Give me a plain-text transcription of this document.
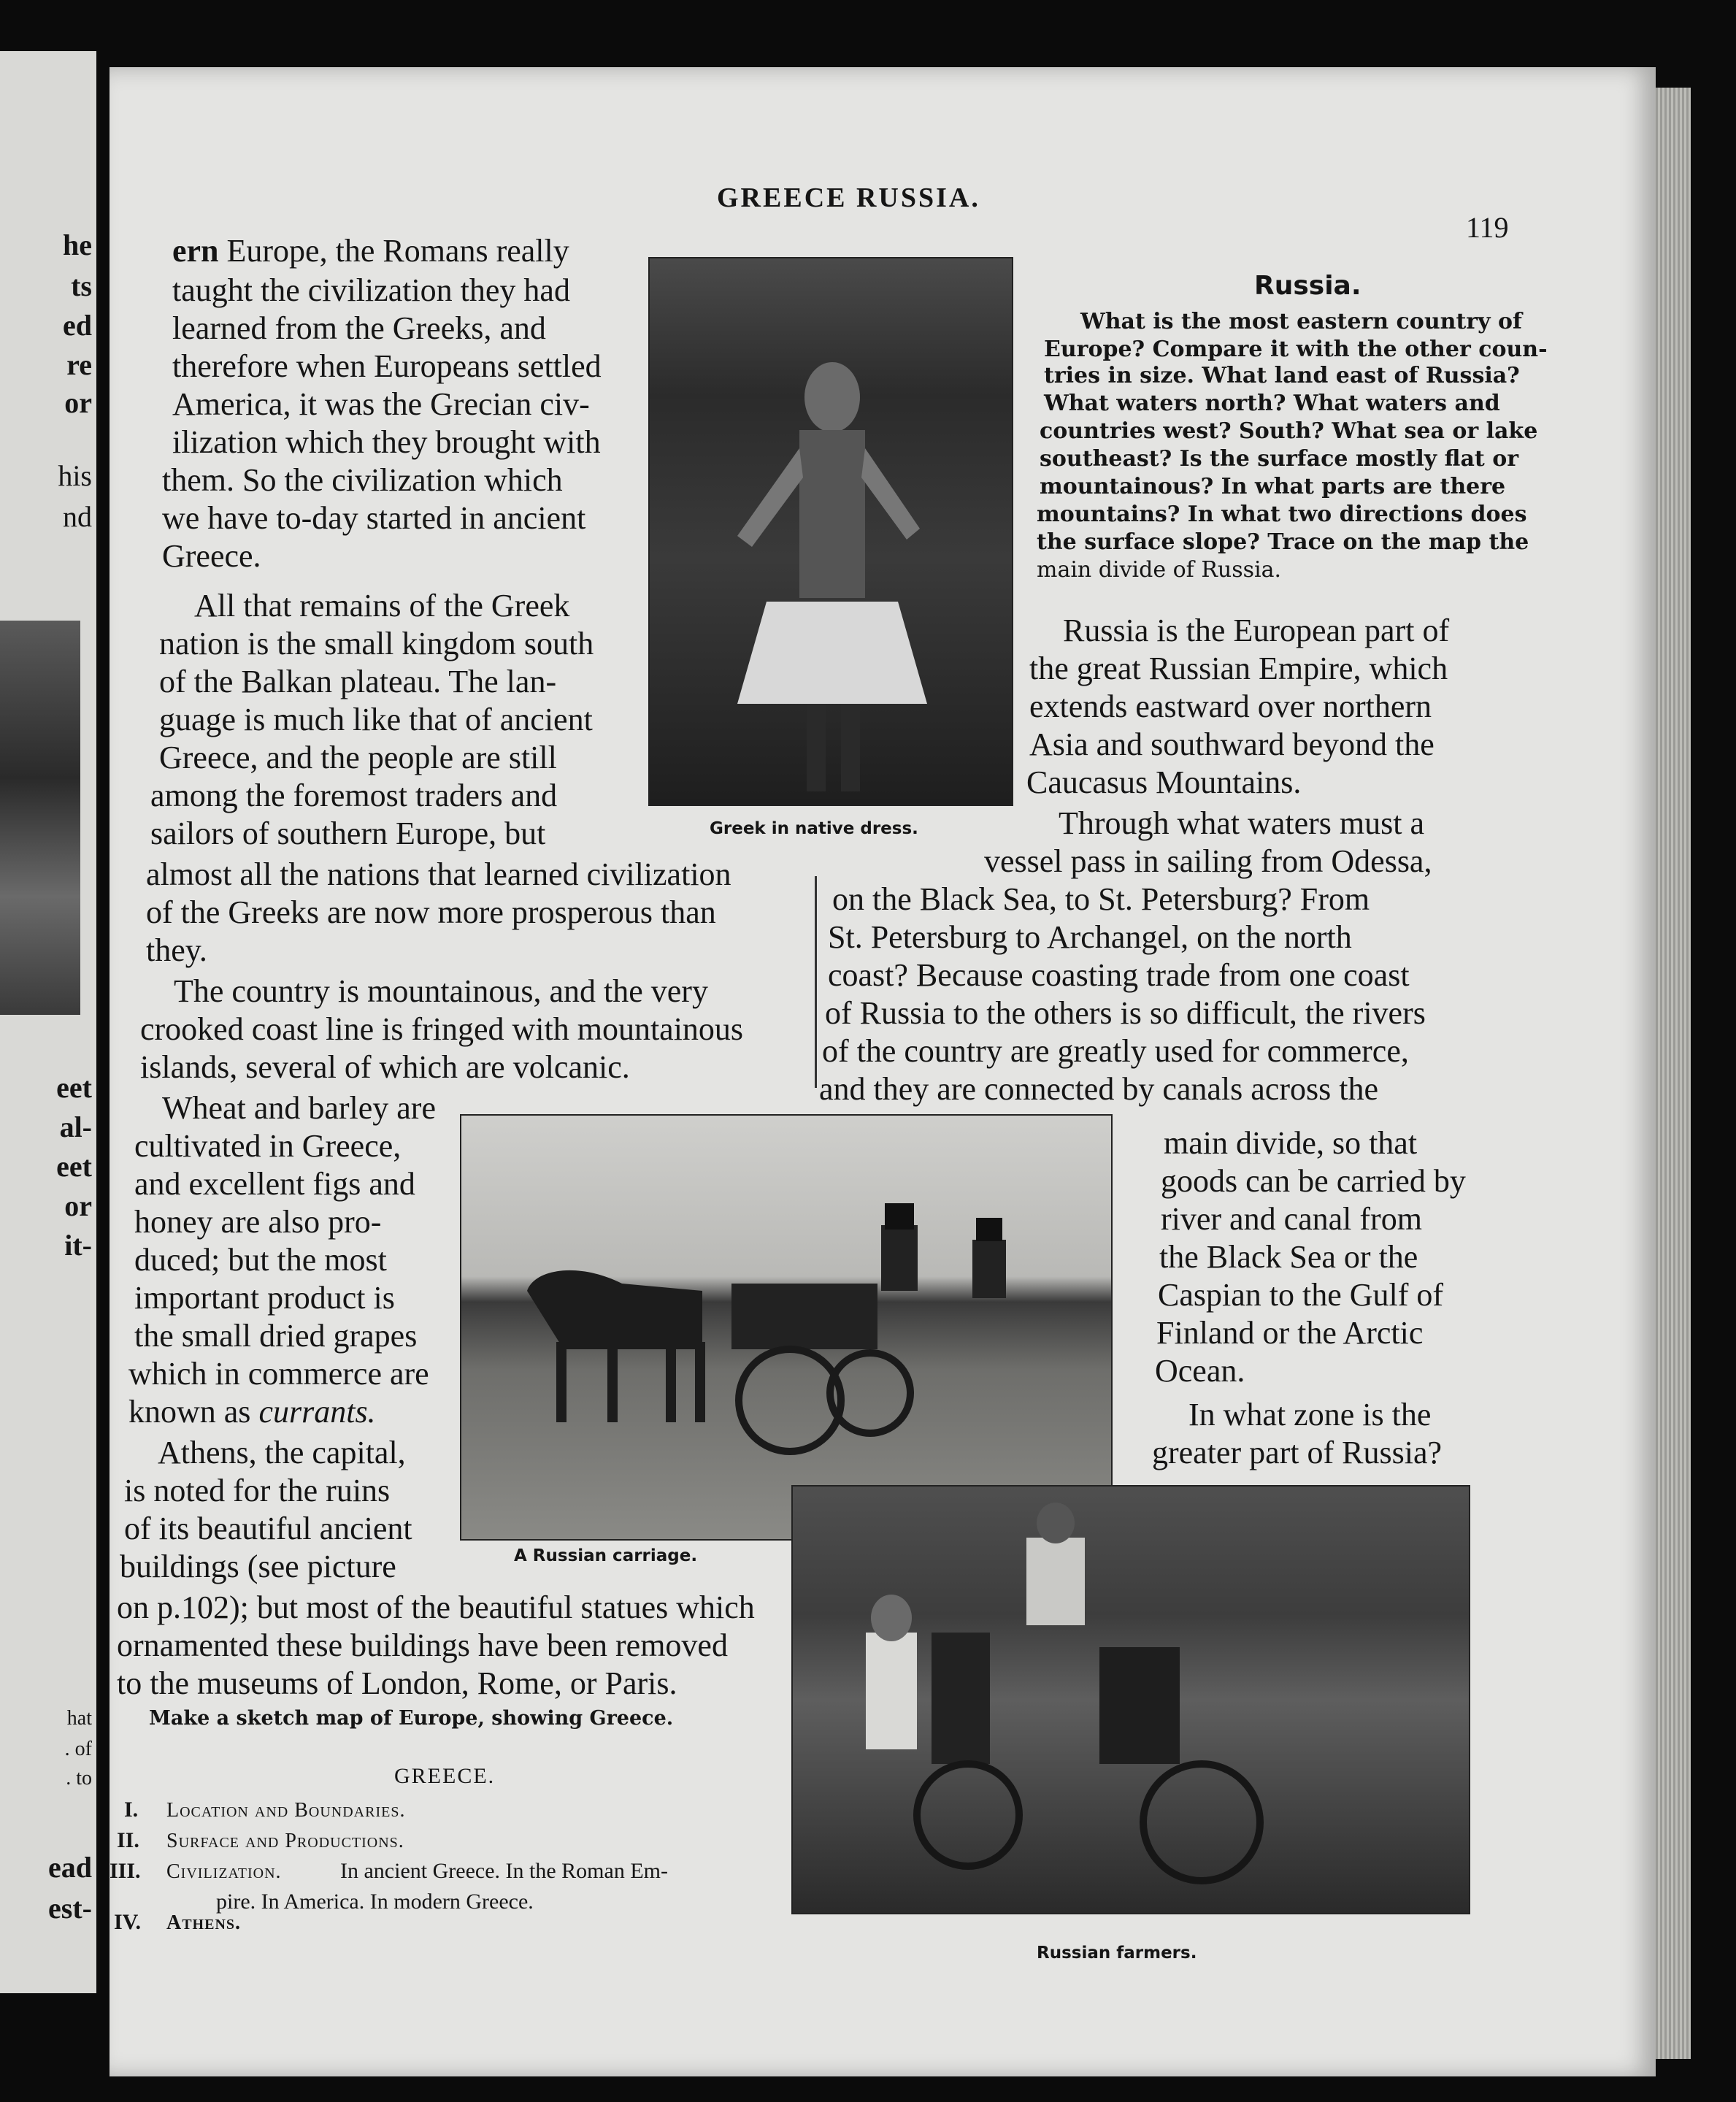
he
ts
ed
re
or
his
nd
eet
al-
eet
or
it-
hat
. of
. to
ead
est-
GREECE RUSSIA.
119
Greek in native dress.
ern Europe, the Romans really
taught the civilization they had
learned from the Greeks, and
therefore when Europeans settled
America, it was the Grecian civ-
ilization which they brought with
them. So the civilization which
we have to-day started in ancient
Greece.
All that remains of the Greek
nation is the small kingdom south
of the Balkan plateau. The lan-
guage is much like that of ancient
Greece, and the people are still
among the foremost traders and
sailors of southern Europe, but
almost all the nations that learned civilization
of the Greeks are now more prosperous than
they.
The country is mountainous, and the very
crooked coast line is fringed with mountainous
islands, several of which are volcanic.
Wheat and barley are
cultivated in Greece,
and excellent figs and
honey are also pro-
duced; but the most
important product is
the small dried grapes
which in commerce are
known as currants.
Athens, the capital,
is noted for the ruins
of its beautiful ancient
buildings (see picture
on p.102); but most of the beautiful statues which
ornamented these buildings have been removed
to the museums of London, Rome, or Paris.
Make a sketch map of Europe, showing Greece.
GREECE.
I. Location and Boundaries.
II. Surface and Productions.
III. Civilization.	In ancient Greece. In the Roman Em-
pire. In America. In modern Greece.
IV. Athens.
A Russian carriage.
Russian farmers.
Russia.
What is the most eastern country of
Europe? Compare it with the other coun-
tries in size. What land east of Russia?
What waters north? What waters and
countries west? South? What sea or lake
southeast? Is the surface mostly flat or
mountainous? In what parts are there
mountains? In what two directions does
the surface slope? Trace on the map the
main divide of Russia.
Russia is the European part of
the great Russian Empire, which
extends eastward over northern
Asia and southward beyond the
Caucasus Mountains.
Through what waters must a
vessel pass in sailing from Odessa,
on the Black Sea, to St. Petersburg? From
St. Petersburg to Archangel, on the north
coast? Because coasting trade from one coast
of Russia to the others is so difficult, the rivers
of the country are greatly used for commerce,
and they are connected by canals across the
main divide, so that
goods can be carried by
river and canal from
the Black Sea or the
Caspian to the Gulf of
Finland or the Arctic
Ocean.
In what zone is the
greater part of Russia?
